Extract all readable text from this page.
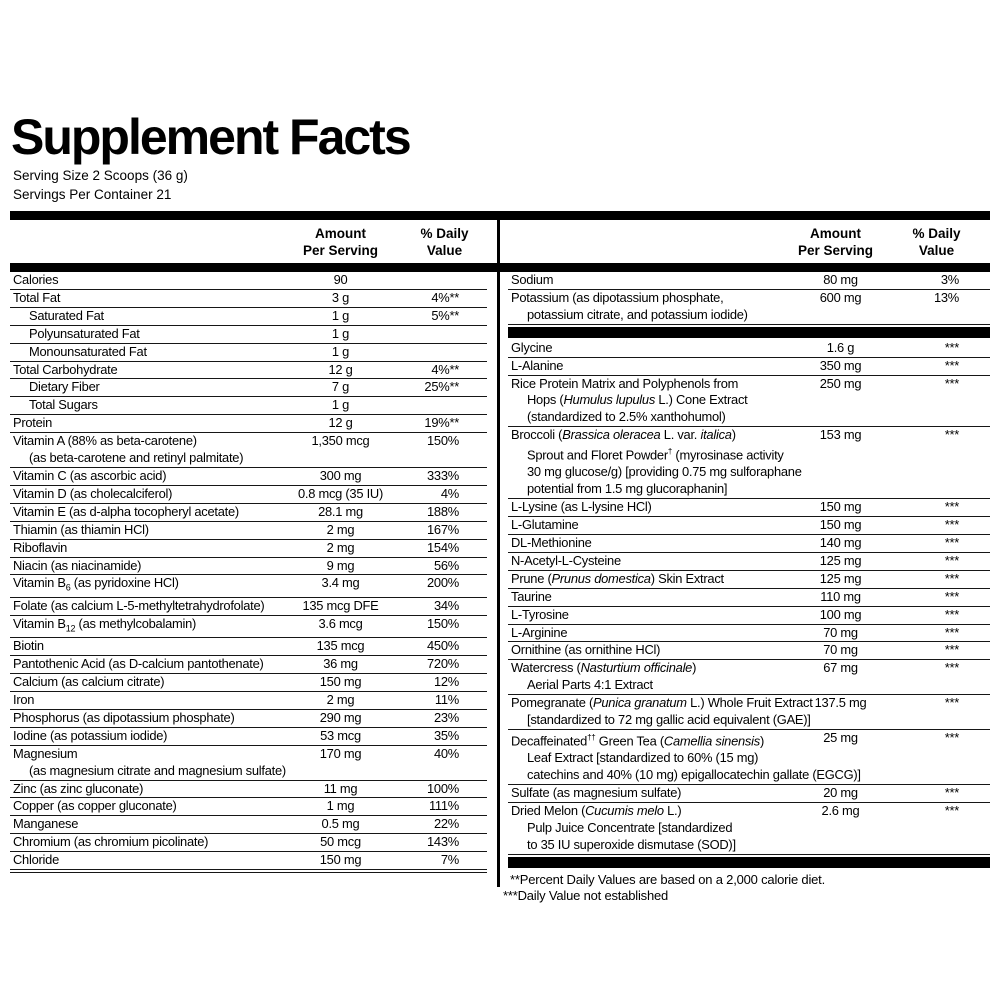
Supplement Facts
Serving Size 2 Scoops (36 g)
Servings Per Container 21
Amount
Per Serving
% Daily
Value
Amount
Per Serving
% Daily
Value
Calories	90
Total Fat	3 g	4%**
Saturated Fat	1 g	5%**
Polyunsaturated Fat	1 g
Monounsaturated Fat	1 g
Total Carbohydrate	12 g	4%**
Dietary Fiber	7 g	25%**
Total Sugars	1 g
Protein	12 g	19%**
Vitamin A (88% as beta-carotene)
(as beta-carotene and retinyl palmitate)
1,350 mcg	150%
Vitamin C (as ascorbic acid)	300 mg	333%
Vitamin D (as cholecalciferol)	0.8 mcg (35 IU)	4%
Vitamin E (as d-alpha tocopheryl acetate)	28.1 mg	188%
Thiamin (as thiamin HCl)	2 mg	167%
Riboflavin	2 mg	154%
Niacin (as niacinamide)	9 mg	56%
Vitamin $B_6$ (as pyridoxine HCl)	3.4 mg	200%
Folate (as calcium L-5-methyltetrahydrofolate)	135 mcg DFE	34%
Vitamin $B_{12}$ (as methylcobalamin)	3.6 mcg	150%
Biotin	135 mcg	450%
Pantothenic Acid (as D-calcium pantothenate)	36 mg	720%
Calcium (as calcium citrate)	150 mg	12%
Iron	2 mg	11%
Phosphorus (as dipotassium phosphate)	290 mg	23%
Iodine (as potassium iodide)	53 mcg	35%
Magnesium
(as magnesium citrate and magnesium sulfate)
170 mg	40%
Zinc (as zinc gluconate)	11 mg	100%
Copper (as copper gluconate)	1 mg	111%
Manganese	0.5 mg	22%
Chromium (as chromium picolinate)	50 mcg	143%
Chloride	150 mg	7%
Sodium	80 mg	3%
Potassium (as dipotassium phosphate,
potassium citrate, and potassium iodide)
600 mg	13%
Glycine	1.6 g	***
L-Alanine	350 mg	***
Rice Protein Matrix and Polyphenols from
Hops (Humulus lupulus L.) Cone Extract
(standardized to 2.5% xanthohumol)
250 mg	***
Broccoli (Brassica oleracea L. var. italica)
Sprout and Floret Powder† (myrosinase activity
30 mg glucose/g) [providing 0.75 mg sulforaphane
potential from 1.5 mg glucoraphanin]
153 mg	***
L-Lysine (as L-lysine HCl)	150 mg	***
L-Glutamine	150 mg	***
DL-Methionine	140 mg	***
N-Acetyl-L-Cysteine	125 mg	***
Prune (Prunus domestica) Skin Extract	125 mg	***
Taurine	110 mg	***
L-Tyrosine	100 mg	***
L-Arginine	70 mg	***
Ornithine (as ornithine HCl)	70 mg	***
Watercress (Nasturtium officinale)
Aerial Parts 4:1 Extract
67 mg	***
Pomegranate (Punica granatum L.) Whole Fruit Extract
[standardized to 72 mg gallic acid equivalent (GAE)]
137.5 mg	***
Decaffeinated†† Green Tea (Camellia sinensis)
Leaf Extract [standardized to 60% (15 mg)
catechins and 40% (10 mg) epigallocatechin gallate (EGCG)]
25 mg	***
Sulfate (as magnesium sulfate)	20 mg	***
Dried Melon (Cucumis melo L.)
Pulp Juice Concentrate [standardized
to 35 IU superoxide dismutase (SOD)]
2.6 mg	***
**Percent Daily Values are based on a 2,000 calorie diet.
***Daily Value not established
